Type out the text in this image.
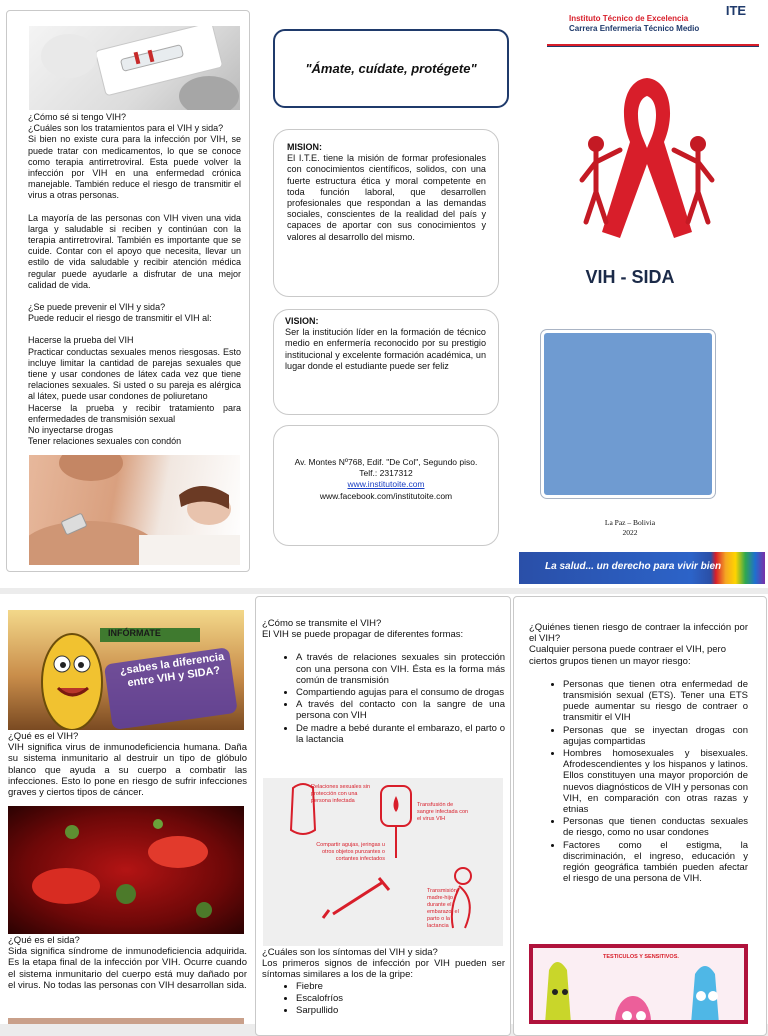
¿Cómo sé si tengo VIH?
¿Cuáles son los tratamientos para el VIH y sida?
Si bien no existe cura para la infección por VIH, se puede tratar con medicamentos, lo que se conoce como terapia antirretroviral. Esta puede volver la infección por VIH en una enfermedad crónica manejable. También reduce el riesgo de transmitir el virus a otras personas.
La mayoría de las personas con VIH viven una vida larga y saludable si reciben y continúan con la terapia antirretroviral. También es importante que se cuide. Contar con el apoyo que necesita, llevar un estilo de vida saludable y recibir atención médica regular puede ayudarle a disfrutar de una mejor calidad de vida.
¿Se puede prevenir el VIH y sida?
Puede reducir el riesgo de transmitir el VIH al:
Hacerse la prueba del VIH
Practicar conductas sexuales menos riesgosas. Esto incluye limitar la cantidad de parejas sexuales que tiene y usar condones de látex cada vez que tiene relaciones sexuales. Si usted o su pareja es alérgica al látex, puede usar condones de poliuretano
Hacerse la prueba y recibir tratamiento para enfermedades de transmisión sexual
No inyectarse drogas
Tener relaciones sexuales con condón
"Ámate, cuídate, protégete"
MISION:
El I.T.E. tiene la misión de formar profesionales con conocimientos científicos, solidos, con una fuerte estructura ética y moral competente en toda función laboral, que desarrollen profesionales que respondan a las demandas sociales, conscientes de la realidad del país y capaces de aportar con sus conocimientos y valores al desarrollo del mismo.
VISION:
Ser la institución líder en la formación de técnico medio en enfermería reconocido por su prestigio institucional y excelente formación académica, un lugar donde el estudiante puede ser feliz
Av. Montes Nº768, Edif. "De Col", Segundo piso.
Telf.: 2317312
www.institutoite.com
www.facebook.com/institutoite.com
Instituto Técnico de Excelencia
Carrera Enfermeria Técnico Medio
ITE
VIH - SIDA
La Paz – Bolivia
2022
La salud... un derecho para vivir bien
INFÓRMATE
¿sabes la diferencia entre VIH y SIDA?
¿Qué es el VIH?
VIH significa virus de inmunodeficiencia humana. Daña su sistema inmunitario al destruir un tipo de glóbulo blanco que ayuda a su cuerpo a combatir las infecciones. Esto lo pone en riesgo de sufrir infecciones graves y ciertos tipos de cáncer.
¿Qué es el sida?
Sida significa síndrome de inmunodeficiencia adquirida. Es la etapa final de la infección por VIH. Ocurre cuando el sistema inmunitario del cuerpo está muy dañado por el virus. No todas las personas con VIH desarrollan sida.
¿Cómo se transmite el VIH?
El VIH se puede propagar de diferentes formas:
• A través de relaciones sexuales sin protección con una persona con VIH. Ésta es la forma más común de transmisión
• Compartiendo agujas para el consumo de drogas
• A través del contacto con la sangre de una persona con VIH
• De madre a bebé durante el embarazo, el parto o la lactancia
Relaciones sexuales sin protección con una persona infectada
Transfusión de sangre infectada con el virus VIH
Compartir agujas, jeringas u otros objetos punzantes o cortantes infectados
Transmisión madre-hijo durante el embarazo, el parto o la lactancia
¿Cuáles son los síntomas del VIH y sida?
Los primeros signos de infección por VIH pueden ser síntomas similares a los de la gripe:
• Fiebre
• Escalofríos
• Sarpullido
¿Quiénes tienen riesgo de contraer la infección por el VIH?
Cualquier persona puede contraer el VIH, pero ciertos grupos tienen un mayor riesgo:
• Personas que tienen otra enfermedad de transmisión sexual (ETS). Tener una ETS puede aumentar su riesgo de contraer o transmitir el VIH
• Personas que se inyectan drogas con agujas compartidas
• Hombres homosexuales y bisexuales. Afrodescendientes y los hispanos y latinos. Ellos constituyen una mayor proporción de nuevos diagnósticos de VIH y personas con VIH, en comparación con otras razas y etnias
• Personas que tienen conductas sexuales de riesgo, como no usar condones
• Factores como el estigma, la discriminación, el ingreso, educación y región geográfica también pueden afectar el riesgo de una persona de VIH.
TESTICULOS Y SENSITIVOS.
